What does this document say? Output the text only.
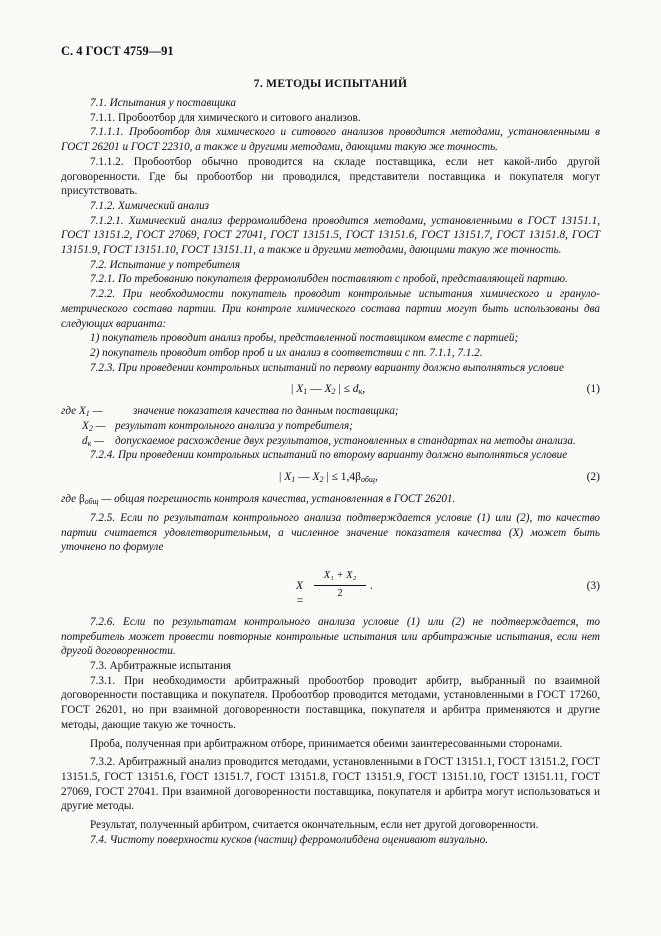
С. 4 ГОСТ 4759—91
7. МЕТОДЫ ИСПЫТАНИЙ

7.1. Испытания у поставщика

7.1.1. Пробоотбор для химического и ситового анализов.

7.1.1.1. Пробоотбор для химического и ситового анализов проводится методами, установленными в ГОСТ 26201 и ГОСТ 22310, а также и другими методами, дающими такую же точность.

7.1.1.2. Пробоотбор обычно проводится на складе поставщика, если нет какой-либо другой договоренности. Где бы пробоотбор ни проводился, представители поставщика и покупателя могут присутствовать.

7.1.2. Химический анализ

7.1.2.1. Химический анализ ферромолибдена проводится методами, установленными в ГОСТ 13151.1, ГОСТ 13151.2, ГОСТ 27069, ГОСТ 27041, ГОСТ 13151.5, ГОСТ 13151.6, ГОСТ 13151.7, ГОСТ 13151.8, ГОСТ 13151.9, ГОСТ 13151.10, ГОСТ 13151.11, а также и другими методами, дающими такую же точность.

7.2. Испытание у потребителя

7.2.1. По требованию покупателя ферромолибден поставляют с пробой, представляющей партию.

7.2.2. При необходимости покупатель проводит контрольные испытания химического и грануло-метрического состава партии. При контроле химического состава партии могут быть использованы два следующих варианта:

1) покупатель проводит анализ пробы, представленной поставщиком вместе с партией;

2) покупатель проводит отбор проб и их анализ в соответствии с пп. 7.1.1, 7.1.2.

7.2.3. При проведении контрольных испытаний по первому варианту должно выполняться условие

| $X_1$ — $X_2$ | ≤ $d_к$,	(1)
где $X_1$ —	значение показателя качества по данным поставщика;
$X_2$ — результат контрольного анализа у потребителя;
$d_к$ — допускаемое расхождение двух результатов, установленных в стандартах на методы анализа.

7.2.4. При проведении контрольных испытаний по второму варианту должно выполняться условие

| $X_1$ — $X_2$ | ≤ $1,4\beta_{общ}$,	(2)

где $\beta_{общ}$ — общая погрешность контроля качества, установленная в ГОСТ 26201.

7.2.5. Если по результатам контрольного анализа подтверждается условие (1) или (2), то качество партии считается удовлетворительным, а численное значение показателя качества (X) может быть уточнено по формуле

X =
X₁ + X₂
2
.	(3)

7.2.6. Если по результатам контрольного анализа условие (1) или (2) не подтверждается, то потребитель может провести повторные контрольные испытания или арбитражные испытания, если нет другой договоренности.

7.3. Арбитражные испытания

7.3.1. При необходимости арбитражный пробоотбор проводит арбитр, выбранный по взаимной договоренности поставщика и покупателя. Пробоотбор проводится методами, установленными в ГОСТ 17260, ГОСТ 26201, но при взаимной договоренности поставщика, покупателя и арбитра применяются и другие методы, дающие такую же точность.

Проба, полученная при арбитражном отборе, принимается обеими заинтересованными сторонами.

7.3.2. Арбитражный анализ проводится методами, установленными в ГОСТ 13151.1, ГОСТ 13151.2, ГОСТ 13151.5, ГОСТ 13151.6, ГОСТ 13151.7, ГОСТ 13151.8, ГОСТ 13151.9, ГОСТ 13151.10, ГОСТ 13151.11, ГОСТ 27069, ГОСТ 27041. При взаимной договоренности поставщика, покупателя и арбитра могут использоваться и другие методы.

Результат, полученный арбитром, считается окончательным, если нет другой договоренности.

7.4. Чистоту поверхности кусков (частиц) ферромолибдена оценивают визуально.
